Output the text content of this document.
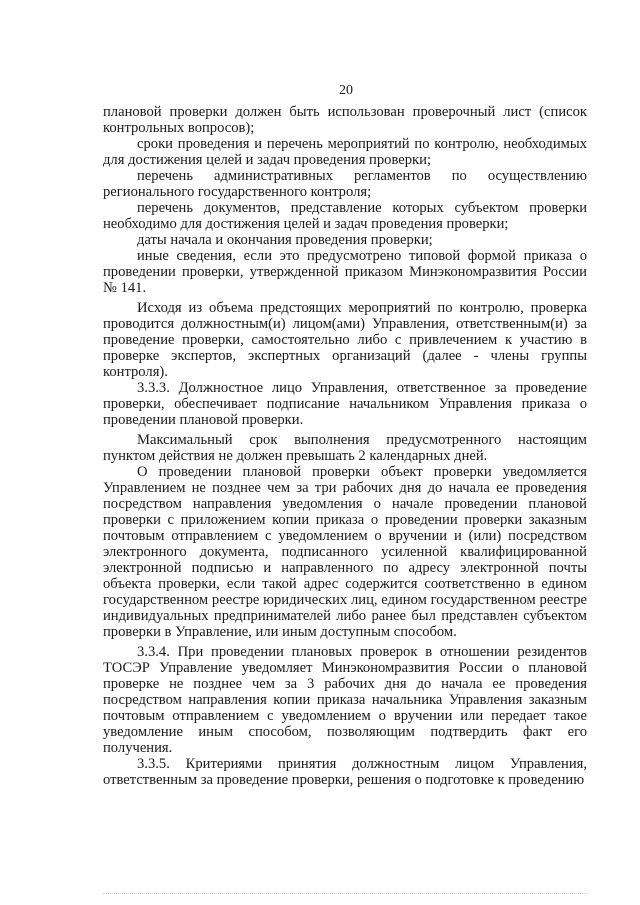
20

плановой проверки должен быть использован проверочный лист (список контрольных вопросов);

сроки проведения и перечень мероприятий по контролю, необходимых для достижения целей и задач проведения проверки;

перечень административных регламентов по осуществлению регионального государственного контроля;

перечень документов, представление которых субъектом проверки необходимо для достижения целей и задач проведения проверки;

даты начала и окончания проведения проверки;

иные сведения, если это предусмотрено типовой формой приказа о проведении проверки, утвержденной приказом Минэкономразвития России № 141.

Исходя из объема предстоящих мероприятий по контролю, проверка проводится должностным(и) лицом(ами) Управления, ответственным(и) за проведение проверки, самостоятельно либо с привлечением к участию в проверке экспертов, экспертных организаций (далее - члены группы контроля).

3.3.3. Должностное лицо Управления, ответственное за проведение проверки, обеспечивает подписание начальником Управления приказа о проведении плановой проверки.

Максимальный срок выполнения предусмотренного настоящим пунктом действия не должен превышать 2 календарных дней.

О проведении плановой проверки объект проверки уведомляется Управлением не позднее чем за три рабочих дня до начала ее проведения посредством направления уведомления о начале проведении плановой проверки с приложением копии приказа о проведении проверки заказным почтовым отправлением с уведомлением о вручении и (или) посредством электронного документа, подписанного усиленной квалифицированной электронной подписью и направленного по адресу электронной почты объекта проверки, если такой адрес содержится соответственно в едином государственном реестре юридических лиц, едином государственном реестре индивидуальных предпринимателей либо ранее был представлен субъектом проверки в Управление, или иным доступным способом.

3.3.4. При проведении плановых проверок в отношении резидентов ТОСЭР Управление уведомляет Минэкономразвития России о плановой проверке не позднее чем за 3 рабочих дня до начала ее проведения посредством направления копии приказа начальника Управления заказным почтовым отправлением с уведомлением о вручении или передает такое уведомление иным способом, позволяющим подтвердить факт его получения.

3.3.5. Критериями принятия должностным лицом Управления, ответственным за проведение проверки, решения о подготовке к проведению
